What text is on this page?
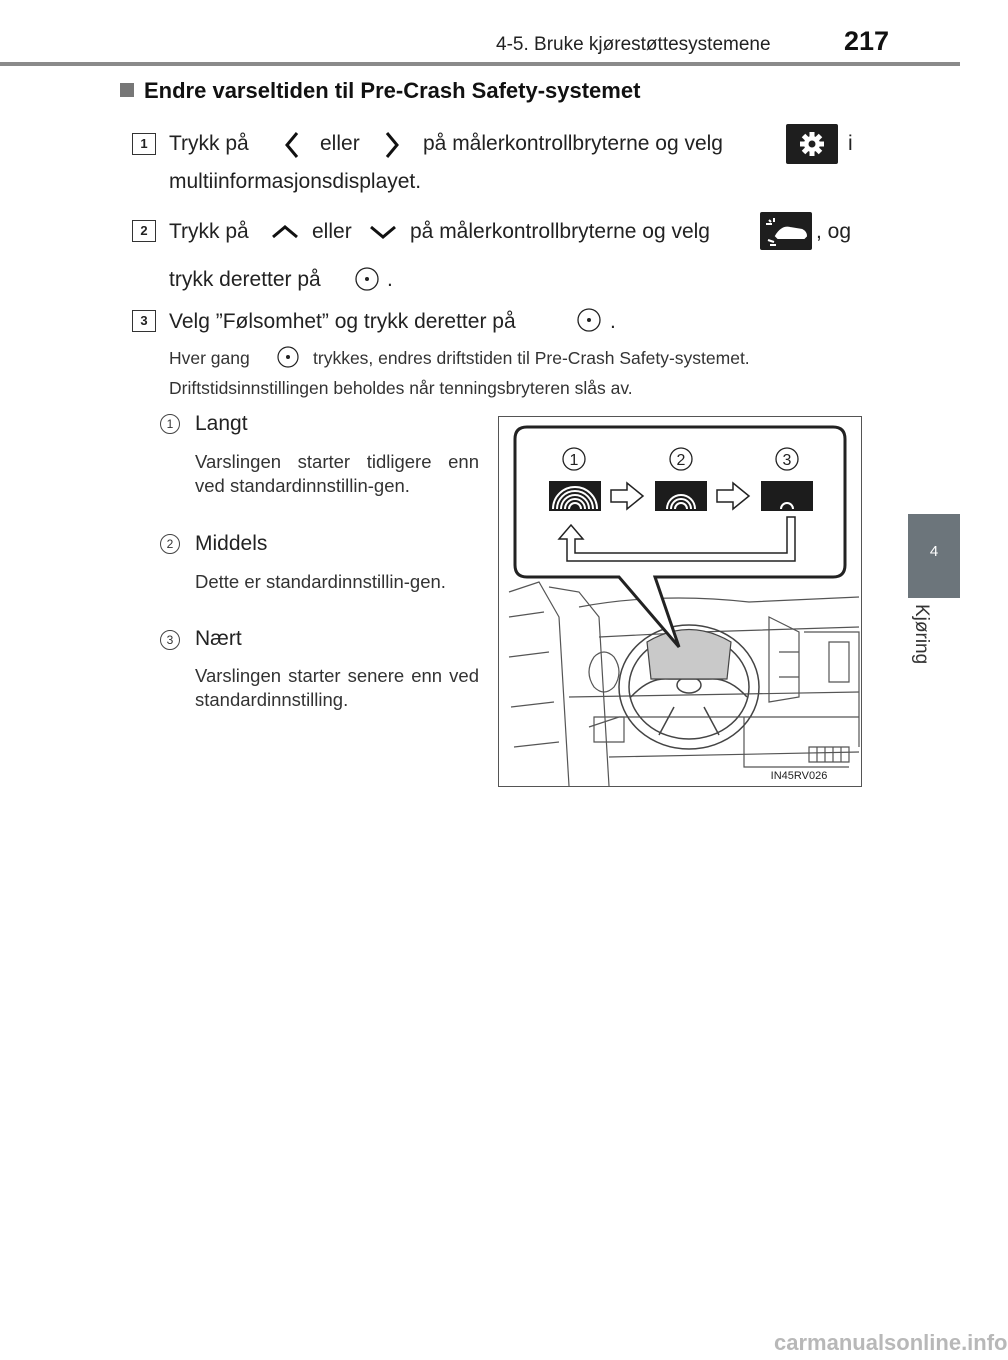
4-5. Bruke kjørestøttesystemene	217
4
Kjøring
Endre varseltiden til Pre-Crash Safety-systemet
1	Trykk på	eller	på målerkontrollbryterne og velg	i
multiinformasjonsdisplayet.
2	Trykk på	eller	på målerkontrollbryterne og velg	, og
trykk deretter på	.
3	Velg ”Følsomhet” og trykk deretter på	.
Hver gang	trykkes, endres driftstiden til Pre-Crash Safety-systemet.
Driftstidsinnstillingen beholdes når tenningsbryteren slås av.
1	Langt
Varslingen starter tidligere enn ved standardinnstillin-gen.
2	Middels
Dette er standardinnstillin-gen.
3	Nært
Varslingen starter senere enn ved standardinnstilling.
1	2	3
IN45RV026
carmanualsonline.info
